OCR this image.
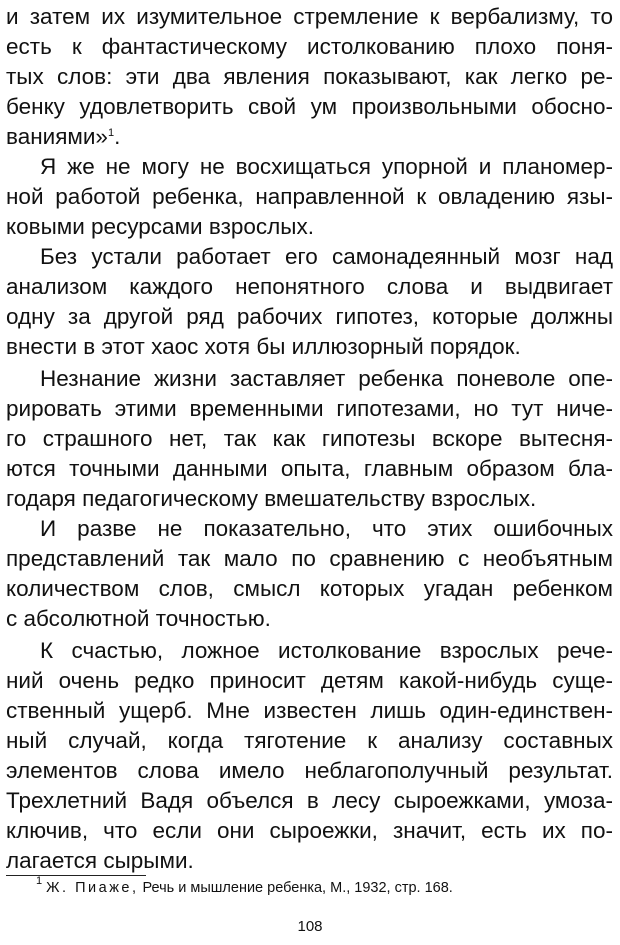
и затем их изумительное стремление к вербализму, то
есть к фантастическому истолкованию плохо поня-
тых слов: эти два явления показывают, как легко ре-
бенку удовлетворить свой ум произвольными обосно-
ваниями»$^1$.
Я же не могу не восхищаться упорной и планомер-
ной работой ребенка, направленной к овладению язы-
ковыми ресурсами взрослых.
Без устали работает его самонадеянный мозг над
анализом каждого непонятного слова и выдвигает
одну за другой ряд рабочих гипотез, которые должны
внести в этот хаос хотя бы иллюзорный порядок.
Незнание жизни заставляет ребенка поневоле опе-
рировать этими временными гипотезами, но тут ниче-
го страшного нет, так как гипотезы вскоре вытесня-
ются точными данными опыта, главным образом бла-
годаря педагогическому вмешательству взрослых.
И разве не показательно, что этих ошибочных
представлений так мало по сравнению с необъятным
количеством слов, смысл которых угадан ребенком
с абсолютной точностью.
К счастью, ложное истолкование взрослых рече-
ний очень редко приносит детям какой-нибудь суще-
ственный ущерб. Мне известен лишь один-единствен-
ный случай, когда тяготение к анализу составных
элементов слова имело неблагополучный результат.
Трехлетний Вадя объелся в лесу сыроежками, умоза-
ключив, что если они сыроежки, значит, есть их по-
лагается сырыми.
$^1$ Ж. Пиаже, Речь и мышление ребенка, М., 1932, стр. 168.
108
